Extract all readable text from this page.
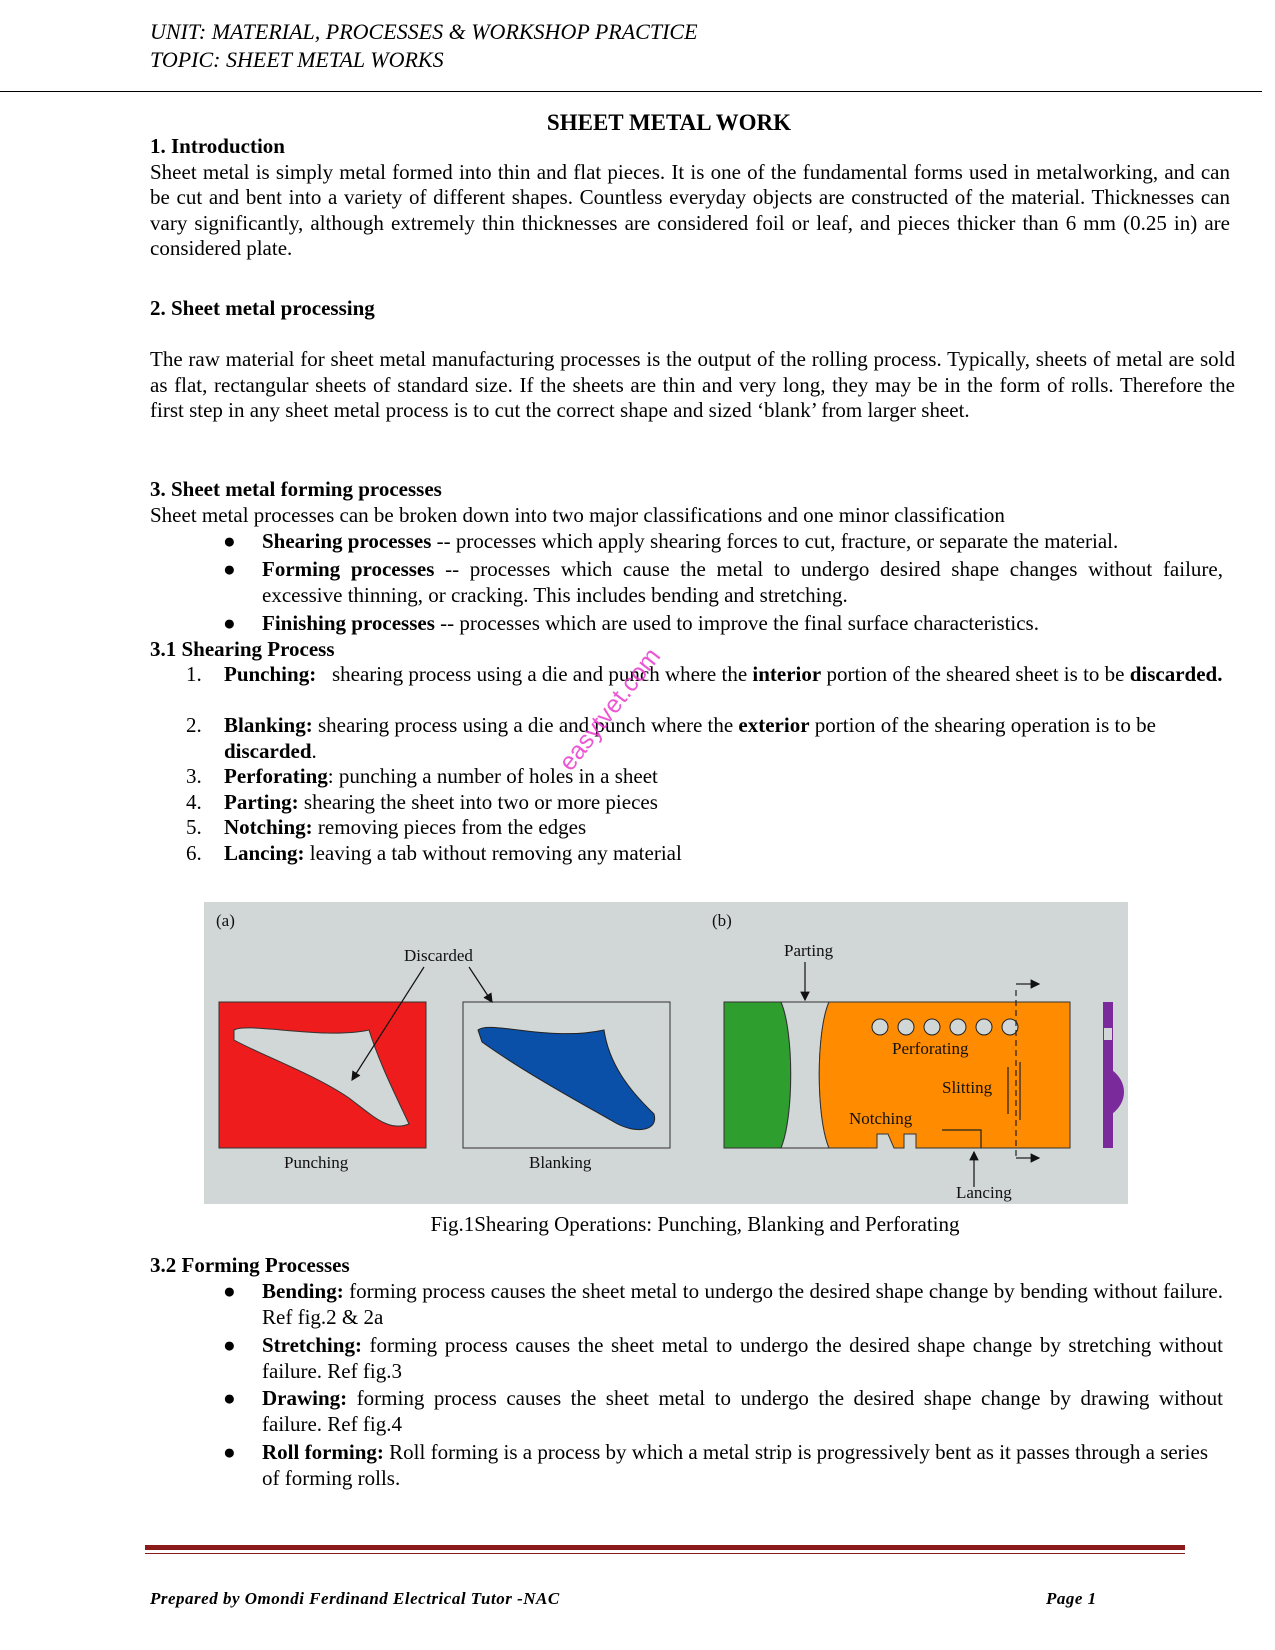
UNIT: MATERIAL, PROCESSES & WORKSHOP PRACTICE
TOPIC: SHEET METAL WORKS
SHEET METAL WORK
1. Introduction
Sheet metal is simply metal formed into thin and flat pieces. It is one of the fundamental forms used in metalworking, and can be cut and bent into a variety of different shapes. Countless everyday objects are constructed of the material. Thicknesses can vary significantly, although extremely thin thicknesses are considered foil or leaf, and pieces thicker than 6 mm (0.25 in) are considered plate.
2. Sheet metal processing
The raw material for sheet metal manufacturing processes is the output of the rolling process. Typically, sheets of metal are sold as flat, rectangular sheets of standard size. If the sheets are thin and very long, they may be in the form of rolls. Therefore the first step in any sheet metal process is to cut the correct shape and sized ‘blank’ from larger sheet.
3. Sheet metal forming processes
Sheet metal processes can be broken down into two major classifications and one minor classification
● Shearing processes -- processes which apply shearing forces to cut, fracture, or separate the material.
● Forming processes -- processes which cause the metal to undergo desired shape changes without failure, excessive thinning, or cracking. This includes bending and stretching.
● Finishing processes -- processes which are used to improve the final surface characteristics.
3.1 Shearing Process
1. Punching: shearing process using a die and punch where the interior portion of the sheared sheet is to be discarded.
2. Blanking: shearing process using a die and punch where the exterior portion of the shearing operation is to be discarded.
3. Perforating: punching a number of holes in a sheet
4. Parting: shearing the sheet into two or more pieces
5. Notching: removing pieces from the edges
6. Lancing: leaving a tab without removing any material
(a)
Discarded
Punching	Blanking
(b)
Parting
Perforating
Slitting
Notching
Lancing
Fig.1Shearing Operations: Punching, Blanking and Perforating
easytvet.com
3.2 Forming Processes
● Bending: forming process causes the sheet metal to undergo the desired shape change by bending without failure. Ref fig.2 & 2a
● Stretching: forming process causes the sheet metal to undergo the desired shape change by stretching without failure. Ref fig.3
● Drawing: forming process causes the sheet metal to undergo the desired shape change by drawing without failure. Ref fig.4
● Roll forming: Roll forming is a process by which a metal strip is progressively bent as it passes through a series of forming rolls.
Prepared by Omondi Ferdinand Electrical Tutor -NAC	Page 1
